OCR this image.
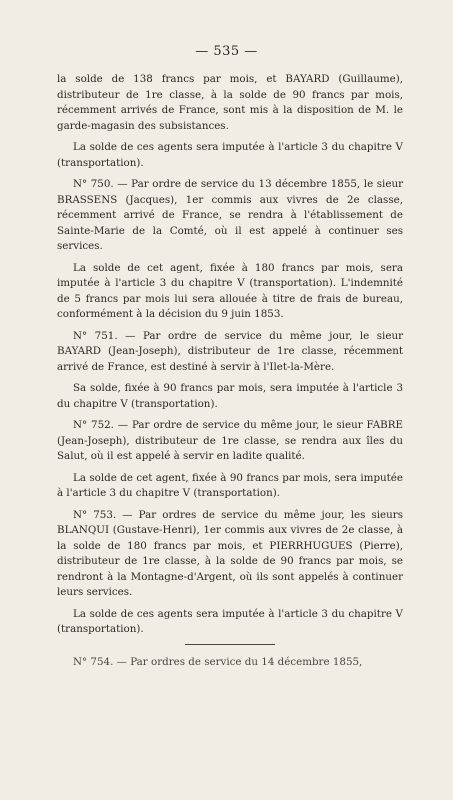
— 535 —

la solde de 138 francs par mois, et BAYARD (Guillaume), distributeur de 1re classe, à la solde de 90 francs par mois, récemment arrivés de France, sont mis à la disposition de M. le garde-magasin des subsistances.

La solde de ces agents sera imputée à l'article 3 du chapitre V (transportation).

N° 750. — Par ordre de service du 13 décembre 1855, le sieur BRASSENS (Jacques), 1er commis aux vivres de 2e classe, récemment arrivé de France, se rendra à l'établissement de Sainte-Marie de la Comté, où il est appelé à continuer ses services.

La solde de cet agent, fixée à 180 francs par mois, sera imputée à l'article 3 du chapitre V (transportation). L'indemnité de 5 francs par mois lui sera allouée à titre de frais de bureau, conformément à la décision du 9 juin 1853.

N° 751. — Par ordre de service du même jour, le sieur BAYARD (Jean-Joseph), distributeur de 1re classe, récemment arrivé de France, est destiné à servir à l'Ilet-la-Mère.

Sa solde, fixée à 90 francs par mois, sera imputée à l'article 3 du chapitre V (transportation).

N° 752. — Par ordre de service du même jour, le sieur FABRE (Jean-Joseph), distributeur de 1re classe, se rendra aux îles du Salut, où il est appelé à servir en ladite qualité.

La solde de cet agent, fixée à 90 francs par mois, sera imputée à l'article 3 du chapitre V (transportation).

N° 753. — Par ordres de service du même jour, les sieurs BLANQUI (Gustave-Henri), 1er commis aux vivres de 2e classe, à la solde de 180 francs par mois, et PIERRHUGUES (Pierre), distributeur de 1re classe, à la solde de 90 francs par mois, se rendront à la Montagne-d'Argent, où ils sont appelés à continuer leurs services.

La solde de ces agents sera imputée à l'article 3 du chapitre V (transportation).

N° 754. — Par ordres de service du 14 décembre 1855,
